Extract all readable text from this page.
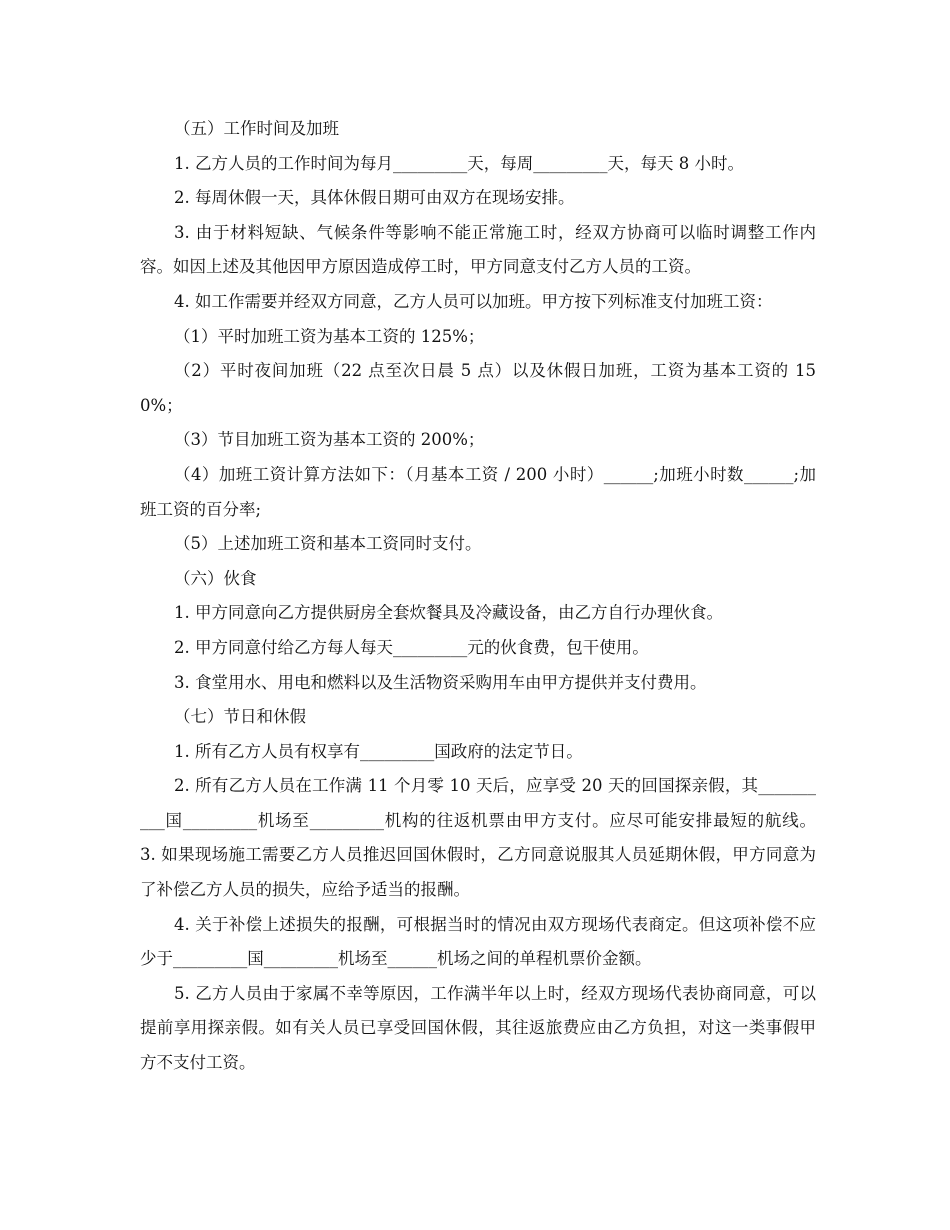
（五）工作时间及加班

1. 乙方人员的工作时间为每月_________天，每周_________天，每天 8 小时。

2. 每周休假一天，具体休假日期可由双方在现场安排。

3. 由于材料短缺、气候条件等影响不能正常施工时，经双方协商可以临时调整工作内容。如因上述及其他因甲方原因造成停工时，甲方同意支付乙方人员的工资。

4. 如工作需要并经双方同意，乙方人员可以加班。甲方按下列标准支付加班工资：

（1）平时加班工资为基本工资的 125%；

（2）平时夜间加班（22 点至次日晨 5 点）以及休假日加班，工资为基本工资的 150%；

（3）节目加班工资为基本工资的 200%；

（4）加班工资计算方法如下：（月基本工资 / 200 小时）______;加班小时数______;加班工资的百分率;

（5）上述加班工资和基本工资同时支付。

（六）伙食

1. 甲方同意向乙方提供厨房全套炊餐具及冷藏设备，由乙方自行办理伙食。

2. 甲方同意付给乙方每人每天_________元的伙食费，包干使用。

3. 食堂用水、用电和燃料以及生活物资采购用车由甲方提供并支付费用。

（七）节日和休假

1. 所有乙方人员有权享有_________国政府的法定节日。

2. 所有乙方人员在工作满 11 个月零 10 天后，应享受 20 天的回国探亲假，其__________国_________机场至_________机构的往返机票由甲方支付。应尽可能安排最短的航线。      3. 如果现场施工需要乙方人员推迟回国休假时，乙方同意说服其人员延期休假，甲方同意为了补偿乙方人员的损失，应给予适当的报酬。

4. 关于补偿上述损失的报酬，可根据当时的情况由双方现场代表商定。但这项补偿不应少于_________国_________机场至______机场之间的单程机票价金额。

5. 乙方人员由于家属不幸等原因，工作满半年以上时，经双方现场代表协商同意，可以提前享用探亲假。如有关人员已享受回国休假，其往返旅费应由乙方负担，对这一类事假甲方不支付工资。
